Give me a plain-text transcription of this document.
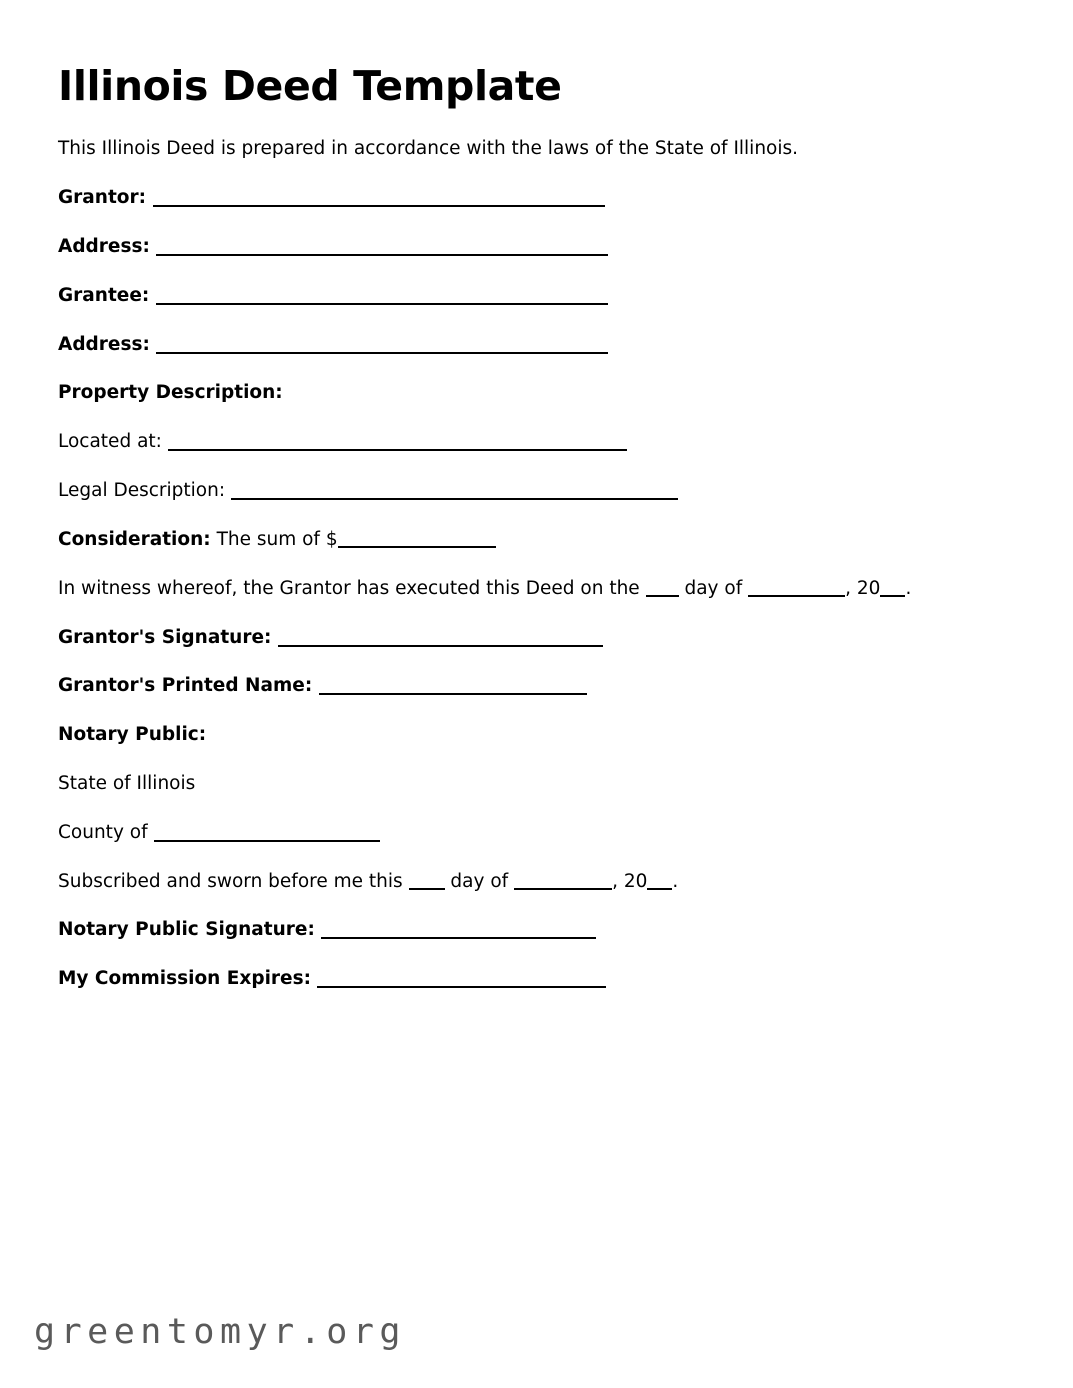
Illinois Deed Template

This Illinois Deed is prepared in accordance with the laws of the State of Illinois.

Grantor:
Address:
Grantee:
Address:
Property Description:
Located at:
Legal Description:
Consideration: The sum of $

In witness whereof, the Grantor has executed this Deed on the day of	, 20 .

Grantor's Signature:
Grantor's Printed Name:
Notary Public:
State of Illinois
County of
Subscribed and sworn before me this	day of	, 20 .
Notary Public Signature:
My Commission Expires:
greentomyr.org
